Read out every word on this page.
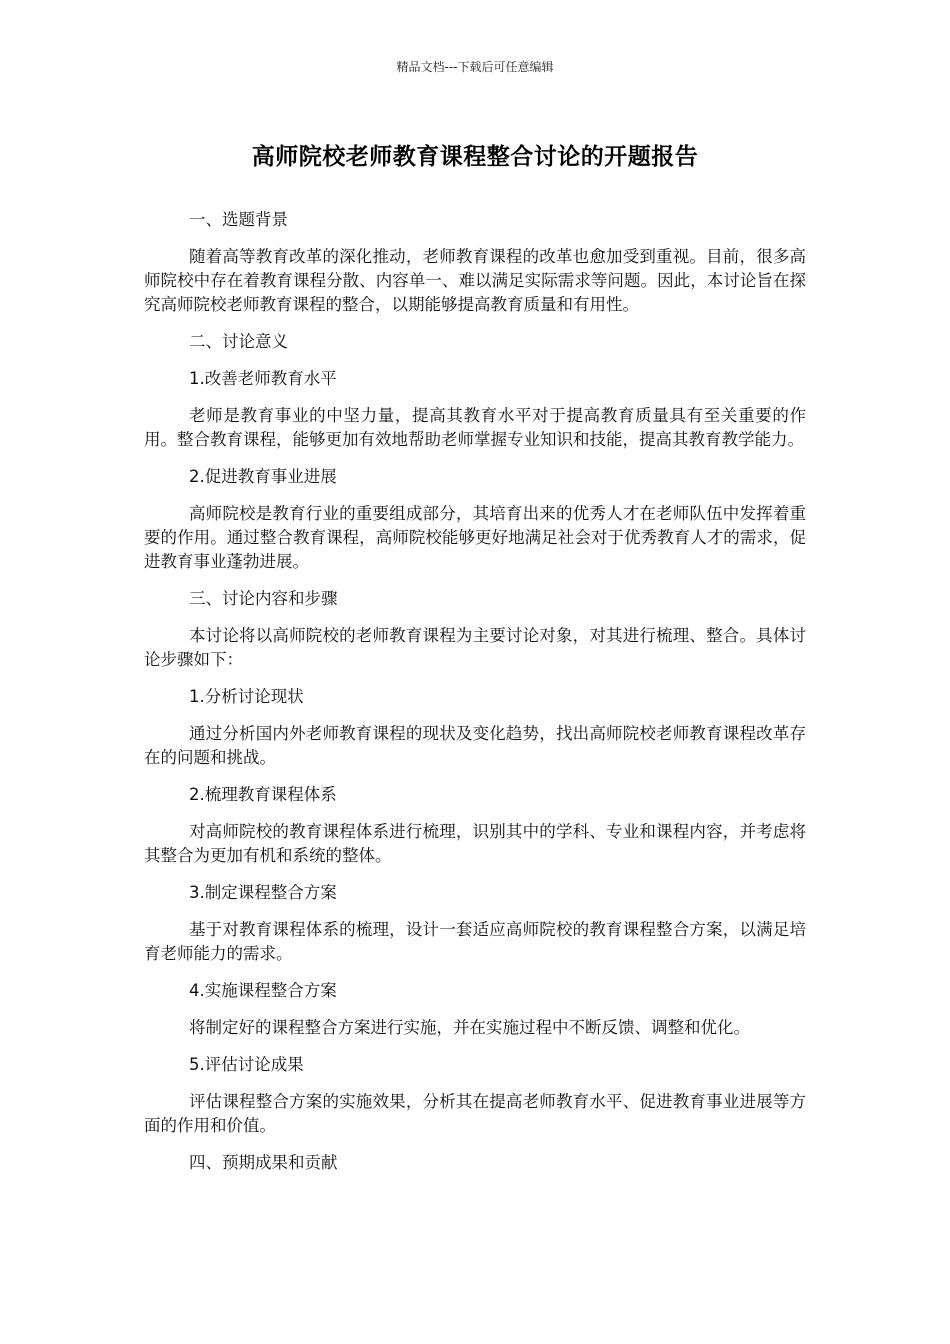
精品文档---下载后可任意编辑
高师院校老师教育课程整合讨论的开题报告

一、选题背景

随着高等教育改革的深化推动，老师教育课程的改革也愈加受到重视。目前，很多高师院校中存在着教育课程分散、内容单一、难以满足实际需求等问题。因此，本讨论旨在探究高师院校老师教育课程的整合，以期能够提高教育质量和有用性。

二、讨论意义

1.改善老师教育水平

老师是教育事业的中坚力量，提高其教育水平对于提高教育质量具有至关重要的作用。整合教育课程，能够更加有效地帮助老师掌握专业知识和技能，提高其教育教学能力。

2.促进教育事业进展

高师院校是教育行业的重要组成部分，其培育出来的优秀人才在老师队伍中发挥着重要的作用。通过整合教育课程，高师院校能够更好地满足社会对于优秀教育人才的需求，促进教育事业蓬勃进展。

三、讨论内容和步骤

本讨论将以高师院校的老师教育课程为主要讨论对象，对其进行梳理、整合。具体讨论步骤如下：

1.分析讨论现状

通过分析国内外老师教育课程的现状及变化趋势，找出高师院校老师教育课程改革存在的问题和挑战。

2.梳理教育课程体系

对高师院校的教育课程体系进行梳理，识别其中的学科、专业和课程内容，并考虑将其整合为更加有机和系统的整体。

3.制定课程整合方案

基于对教育课程体系的梳理，设计一套适应高师院校的教育课程整合方案，以满足培育老师能力的需求。

4.实施课程整合方案

将制定好的课程整合方案进行实施，并在实施过程中不断反馈、调整和优化。

5.评估讨论成果

评估课程整合方案的实施效果，分析其在提高老师教育水平、促进教育事业进展等方面的作用和价值。

四、预期成果和贡献
